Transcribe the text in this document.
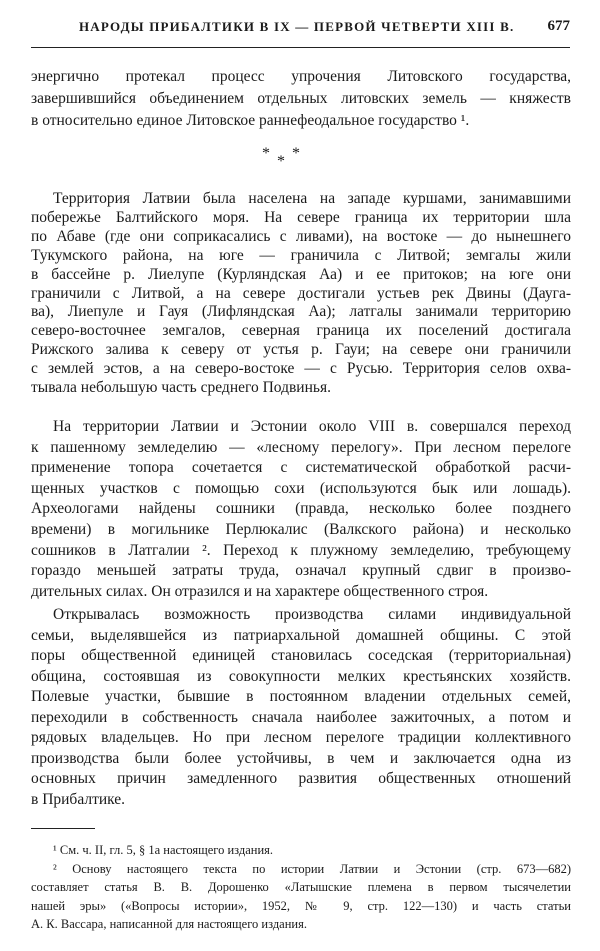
НАРОДЫ ПРИБАЛТИКИ В IX — ПЕРВОЙ ЧЕТВЕРТИ XIII В. 677
энергично протекал процесс упрочения Литовского государства,
завершившийся объединением отдельных литовских земель — княжеств
в относительно единое Литовское раннефеодальное государство ¹.
* * *
Территория Латвии была населена на западе куршами, занимавшими
побережье Балтийского моря. На севере граница их территории шла
по Абаве (где они соприкасались с ливами), на востоке — до нынешнего
Тукумского района, на юге — граничила с Литвой; земгалы жили
в бассейне р. Лиелупе (Курляндская Аа) и ее притоков; на юге они
граничили с Литвой, а на севере достигали устьев рек Двины (Дауга-
ва), Лиепуле и Гауя (Лифляндская Аа); латгалы занимали территорию
северо-восточнее земгалов, северная граница их поселений достигала
Рижского залива к северу от устья р. Гауи; на севере они граничили
с землей эстов, а на северо-востоке — с Русью. Территория селов охва-
тывала небольшую часть среднего Подвинья.
На территории Латвии и Эстонии около VIII в. совершался переход
к пашенному земледелию — «лесному перелогу». При лесном перелоге
применение топора сочетается с систематической обработкой расчи-
щенных участков с помощью сохи (используются бык или лошадь).
Археологами найдены сошники (правда, несколько более позднего
времени) в могильнике Перлюкалис (Валкского района) и несколько
сошников в Латгалии ². Переход к плужному земледелию, требующему
гораздо меньшей затраты труда, означал крупный сдвиг в произво-
дительных силах. Он отразился и на характере общественного строя.
Открывалась возможность производства силами индивидуальной
семьи, выделявшейся из патриархальной домашней общины. С этой
поры общественной единицей становилась соседская (территориальная)
община, состоявшая из совокупности мелких крестьянских хозяйств.
Полевые участки, бывшие в постоянном владении отдельных семей,
переходили в собственность сначала наиболее зажиточных, а потом и
рядовых владельцев. Но при лесном перелоге традиции коллективного
производства были более устойчивы, в чем и заключается одна из
основных причин замедленного развития общественных отношений
в Прибалтике.
¹ См. ч. II, гл. 5, § 1а настоящего издания.
² Основу настоящего текста по истории Латвии и Эстонии (стр. 673—682)
составляет статья В. В. Дорошенко «Латышские племена в первом тысячелетии
нашей эры» («Вопросы истории», 1952, № 9, стр. 122—130) и часть статьи
А. К. Вассара, написанной для настоящего издания.
